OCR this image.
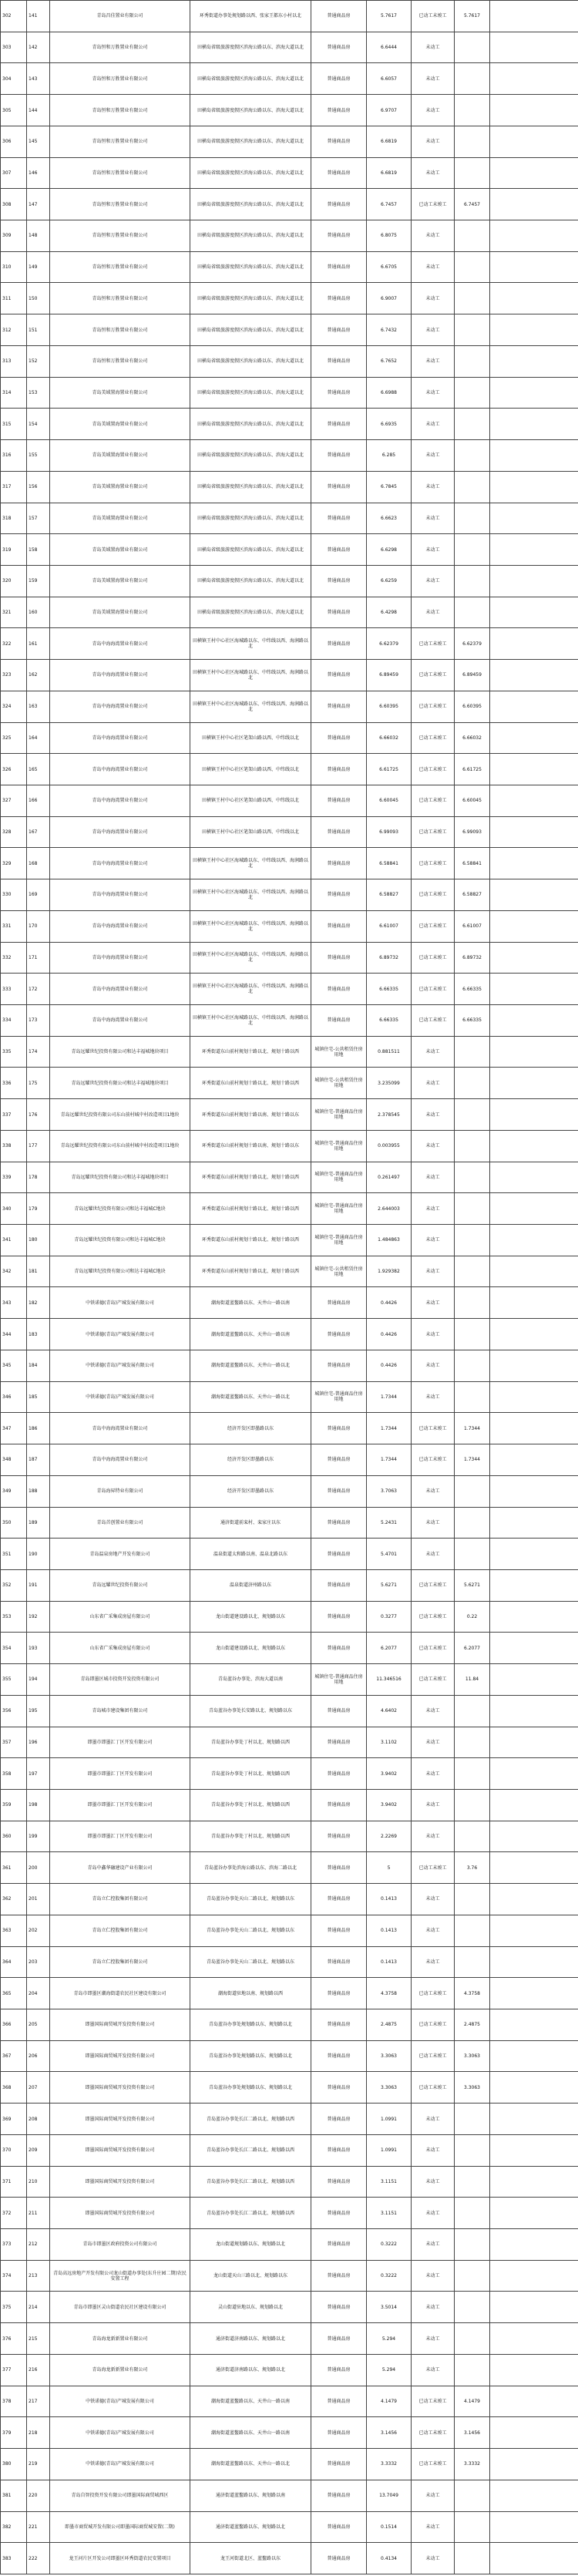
302	141	青岛昌佳置业有限公司	环秀街道办事处规划路以西、张家王都东小村以北	普通商品房	5.7617	已动工未竣工	5.7617	
303	142	青岛恒和万胜置业有限公司	田横岛省级旅游度假区滨海公路以东、滨海大道以北	普通商品房	6.6444	未动工		
304	143	青岛恒和万胜置业有限公司	田横岛省级旅游度假区滨海公路以东、滨海大道以北	普通商品房	6.6057	未动工		
305	144	青岛恒和万胜置业有限公司	田横岛省级旅游度假区滨海公路以东、滨海大道以北	普通商品房	6.9707	未动工		
306	145	青岛恒和万胜置业有限公司	田横岛省级旅游度假区滨海公路以东、滨海大道以北	普通商品房	6.6819	未动工		
307	146	青岛恒和万胜置业有限公司	田横岛省级旅游度假区滨海公路以东、滨海大道以北	普通商品房	6.6819	未动工		
308	147	青岛恒和万胜置业有限公司	田横岛省级旅游度假区滨海公路以东、滨海大道以北	普通商品房	6.7457	已动工未竣工	6.7457	
309	148	青岛恒和万胜置业有限公司	田横岛省级旅游度假区滨海公路以东、滨海大道以北	普通商品房	6.8075	未动工		
310	149	青岛恒和万胜置业有限公司	田横岛省级旅游度假区滨海公路以东、滨海大道以北	普通商品房	6.6705	未动工		
311	150	青岛恒和万胜置业有限公司	田横岛省级旅游度假区滨海公路以东、滨海大道以北	普通商品房	6.9007	未动工		
312	151	青岛恒和万胜置业有限公司	田横岛省级旅游度假区滨海公路以东、滨海大道以北	普通商品房	6.7432	未动工		
313	152	青岛恒和万胜置业有限公司	田横岛省级旅游度假区滨海公路以东、滨海大道以北	普通商品房	6.7652	未动工		
314	153	青岛美域置海置业有限公司	田横岛省级旅游度假区滨海公路以东、滨海大道以北	普通商品房	6.6988	未动工		
315	154	青岛美域置海置业有限公司	田横岛省级旅游度假区滨海公路以东、滨海大道以北	普通商品房	6.6935	未动工		
316	155	青岛美域置海置业有限公司	田横岛省级旅游度假区滨海公路以东、滨海大道以北	普通商品房	6.285	未动工		
317	156	青岛美域置海置业有限公司	田横岛省级旅游度假区滨海公路以东、滨海大道以北	普通商品房	6.7845	未动工		
318	157	青岛美域置海置业有限公司	田横岛省级旅游度假区滨海公路以东、滨海大道以北	普通商品房	6.6623	未动工		
319	158	青岛美域置海置业有限公司	田横岛省级旅游度假区滨海公路以东、滨海大道以北	普通商品房	6.6298	未动工		
320	159	青岛美域置海置业有限公司	田横岛省级旅游度假区滨海公路以东、滨海大道以北	普通商品房	6.6259	未动工		
321	160	青岛美域置海置业有限公司	田横岛省级旅游度假区滨海公路以东、滨海大道以北	普通商品房	6.4298	未动工		
322	161	青岛中海海湾置业有限公司	田横镇王村中心社区海城路以东、中纬线以西、海润路以北	普通商品房	6.62379	已动工未竣工	6.62379	
323	162	青岛中海海湾置业有限公司	田横镇王村中心社区海城路以东、中纬线以西、海润路以北	普通商品房	6.89459	已动工未竣工	6.89459	
324	163	青岛中海海湾置业有限公司	田横镇王村中心社区海城路以东、中纬线以西、海润路以北	普通商品房	6.60395	已动工未竣工	6.60395	
325	164	青岛中海海湾置业有限公司	田横镇王村中心社区笔架山路以西、中纬线以北	普通商品房	6.66032	已动工未竣工	6.66032	
326	165	青岛中海海湾置业有限公司	田横镇王村中心社区笔架山路以西、中纬线以北	普通商品房	6.61725	已动工未竣工	6.61725	
327	166	青岛中海海湾置业有限公司	田横镇王村中心社区笔架山路以西、中纬线以北	普通商品房	6.60045	已动工未竣工	6.60045	
328	167	青岛中海海湾置业有限公司	田横镇王村中心社区笔架山路以西、中纬线以北	普通商品房	6.99093	已动工未竣工	6.99093	
329	168	青岛中海海湾置业有限公司	田横镇王村中心社区海城路以东、中纬线以西、海润路以北	普通商品房	6.58841	已动工未竣工	6.58841	
330	169	青岛中海海湾置业有限公司	田横镇王村中心社区海城路以东、中纬线以西、海润路以北	普通商品房	6.58827	已动工未竣工	6.58827	
331	170	青岛中海海湾置业有限公司	田横镇王村中心社区海城路以东、中纬线以西、海润路以北	普通商品房	6.61007	已动工未竣工	6.61007	
332	171	青岛中海海湾置业有限公司	田横镇王村中心社区海城路以东、中纬线以西、海润路以北	普通商品房	6.89732	已动工未竣工	6.89732	
333	172	青岛中海海湾置业有限公司	田横镇王村中心社区海城路以东、中纬线以西、海润路以北	普通商品房	6.66335	已动工未竣工	6.66335	
334	173	青岛中海海湾置业有限公司	田横镇王村中心社区海城路以东、中纬线以西、海润路以北	普通商品房	6.66335	已动工未竣工	6.66335	
335	174	青岛远耀世纪投资有限公司和达丰福城地块项目	环秀街道东山前村规划十路以北、规划十路以西	城镇住宅-公共租赁住房用地	0.881511	未动工		
336	175	青岛远耀世纪投资有限公司和达丰福城地块项目	环秀街道东山前村规划十路以北、规划十路以西	城镇住宅-公共租赁住房用地	3.235099	未动工		
337	176	青岛远耀世纪投资有限公司东山前村城中村改造项目1地块	环秀街道东山前村规划十路以南、规划十路以东	城镇住宅-普通商品住房用地	2.378545	未动工		
338	177	青岛远耀世纪投资有限公司东山前村城中村改造项目1地块	环秀街道东山前村规划十路以南、规划十路以东	城镇住宅-普通商品住房用地	0.003955	未动工		
339	178	青岛远耀世纪投资有限公司和达丰福城地块项目	环秀街道东山前村规划十路以北、规划十路以西	城镇住宅-普通商品住房用地	0.261497	未动工		
340	179	青岛远耀世纪投资有限公司和达丰福城C地块	环秀街道东山前村规划十路以北、规划十路以西	城镇住宅-普通商品住房用地	2.644003	未动工		
341	180	青岛远耀世纪投资有限公司和达丰福城C地块	环秀街道东山前村规划十路以北、规划十路以西	城镇住宅-普通商品住房用地	1.484863	未动工		
342	181	青岛远耀世纪投资有限公司和达丰福城C地块	环秀街道东山前村规划十路以北、规划十路以西	城镇住宅-公共租赁住房用地	1.929382	未动工		
343	182	中铁诺德(青岛)产城发展有限公司	潮海街道蓝鳌路以东、天井山一路以南	普通商品房	0.4426	未动工		
344	183	中铁诺德(青岛)产城发展有限公司	潮海街道蓝鳌路以东、天井山一路以南	普通商品房	0.4426	未动工		
345	184	中铁诺德(青岛)产城发展有限公司	潮海街道蓝鳌路以东、天井山一路以北	普通商品房	0.4426	未动工		
346	185	中铁诺德(青岛)产城发展有限公司	潮海街道蓝鳌路以东、天井山一路以北	城镇住宅-普通商品住房用地	1.7344	未动工		
347	186	青岛中海海湾置业有限公司	经济开发区即墨路以东	普通商品房	1.7344	已动工未竣工	1.7344	
348	187	青岛中海海湾置业有限公司	经济开发区即墨路以东	普通商品房	1.7344	已动工未竣工	1.7344	
349	188	青岛海昇特业有限公司	经济开发区即墨路以东	普通商品房	3.7063	未动工		
350	189	青岛首创置业有限公司	通济街道前栾村、栾家庄以东	普通商品房	5.2431	未动工		
351	190	青岛温泉房地产开发有限公司	温泉街道太和路以南、温泉北路以东	普通商品房	5.4701	未动工		
352	191	青岛远耀世纪投资有限公司	温泉街道济州路以东	普通商品房	5.6271	已动工未竣工	5.6271	
353	192	山东省广采集成房屋有限公司	龙山街道建设路以北、规划路以东	普通商品房	0.3277	已动工未竣工	0.22	
354	193	山东省广采集成房屋有限公司	龙山街道建设路以北、规划路以东	普通商品房	6.2077	已动工未竣工	6.2077	
355	194	青岛即墨区城市投资开发投资有限公司	青岛蓝谷办事处、滨海大道以南	城镇住宅-普通商品住房用地	11.346516	已动工未竣工	11.84	
356	195	青岛城市建设集团有限公司	青岛蓝谷办事处长安路以北、规划路以东	普通商品房	4.6402	未动工		
357	196	即墨市即墨汇丁区开发有限公司	青岛蓝谷办事处丁村以北、规划路以西	普通商品房	3.1102	未动工		
358	197	即墨市即墨汇丁区开发有限公司	青岛蓝谷办事处丁村以北、规划路以西	普通商品房	3.9402	未动工		
359	198	即墨市即墨汇丁区开发有限公司	青岛蓝谷办事处丁村以北、规划路以西	普通商品房	3.9402	未动工		
360	199	即墨市即墨汇丁区开发有限公司	青岛蓝谷办事处丁村以北、规划路以西	普通商品房	2.2269	未动工		
361	200	青岛中鑫华融建设产业有限公司	青岛蓝谷办事处滨海公路以东、滨海二路以北	普通商品房	5	已动工未竣工	3.76	
362	201	青岛立仁控股集团有限公司	青岛蓝谷办事处天山二路以北、规划路以东	普通商品房	0.1413	未动工		
363	202	青岛立仁控股集团有限公司	青岛蓝谷办事处天山二路以北、规划路以东	普通商品房	0.1413	未动工		
364	203	青岛立仁控股集团有限公司	青岛蓝谷办事处天山二路以北、规划路以东	普通商品房	0.1413	未动工		
365	204	青岛市即墨区潮海街道农民社区建设有限公司	潮海街道驻地以南、规划路以西	普通商品房	4.3758	已动工未竣工	4.3758	
366	205	即墨国际商贸城开发投资有限公司	青岛蓝谷办事处规划路以东、规划路以北	普通商品房	2.4875	已动工未竣工	2.4875	
367	206	即墨国际商贸城开发投资有限公司	青岛蓝谷办事处规划路以东、规划路以北	普通商品房	3.3063	已动工未竣工	3.3063	
368	207	即墨国际商贸城开发投资有限公司	青岛蓝谷办事处规划路以东、规划路以北	普通商品房	3.3063	已动工未竣工	3.3063	
369	208	即墨国际商贸城开发投资有限公司	青岛蓝谷办事处长江二路以北、规划路以西	普通商品房	1.0991	未动工		
370	209	即墨国际商贸城开发投资有限公司	青岛蓝谷办事处长江二路以北、规划路以西	普通商品房	1.0991	未动工		
371	210	即墨国际商贸城开发投资有限公司	青岛蓝谷办事处长江二路以北、规划路以西	普通商品房	3.1151	未动工		
372	211	即墨国际商贸城开发投资有限公司	青岛蓝谷办事处长江二路以北、规划路以西	普通商品房	3.1151	未动工		
373	212	青岛市即墨区政府投资公司有限公司	龙山街道规划路以东、规划路以北	普通商品房	0.3222	未动工		
374	213	青岛高远房地产开发有限公司龙山街道办事处(东升庄园二期)农民安置工程	龙山街道天山三路以北、规划路以东	普通商品房	0.3222	未动工		
375	214	青岛市即墨区灵山街道农民社区建设有限公司	灵山街道驻地以东、规划路以北	普通商品房	3.5014	未动工		
376	215	青岛海龙新新置业有限公司	通济街道济南路以东、规划路以北	普通商品房	5.294	未动工		
377	216	青岛海龙新新置业有限公司	通济街道济南路以东、规划路以北	普通商品房	5.294	未动工		
378	217	中铁诺德(青岛)产城发展有限公司	潮海街道蓝鳌路以东、天井山一路以南	普通商品房	4.1479	已动工未竣工	4.1479	
379	218	中铁诺德(青岛)产城发展有限公司	潮海街道蓝鳌路以东、天井山一路以南	普通商品房	3.1456	已动工未竣工	3.1456	
380	219	中铁诺德(青岛)产城发展有限公司	潮海街道蓝鳌路以东、天井山一路以北	普通商品房	3.3332	已动工未竣工	3.3332	
381	220	青岛自智投资开发有限公司即墨国际商贸城西区	通济街道蓝鳌路以东、规划路以南	普通商品房	13.7049	未动工		
382	221	即墨市商贸城开发有限公司即墨国际商贸城安置(二期)	通济街道蓝鳌路以东、规划路以北	普通商品房	0.1514	未动工		
383	222	龙王河片区开发公司即墨区环秀街道农民安置项目	龙王河街道北区、蓝鳌路以东	普通商品房	0.4134	未动工		
